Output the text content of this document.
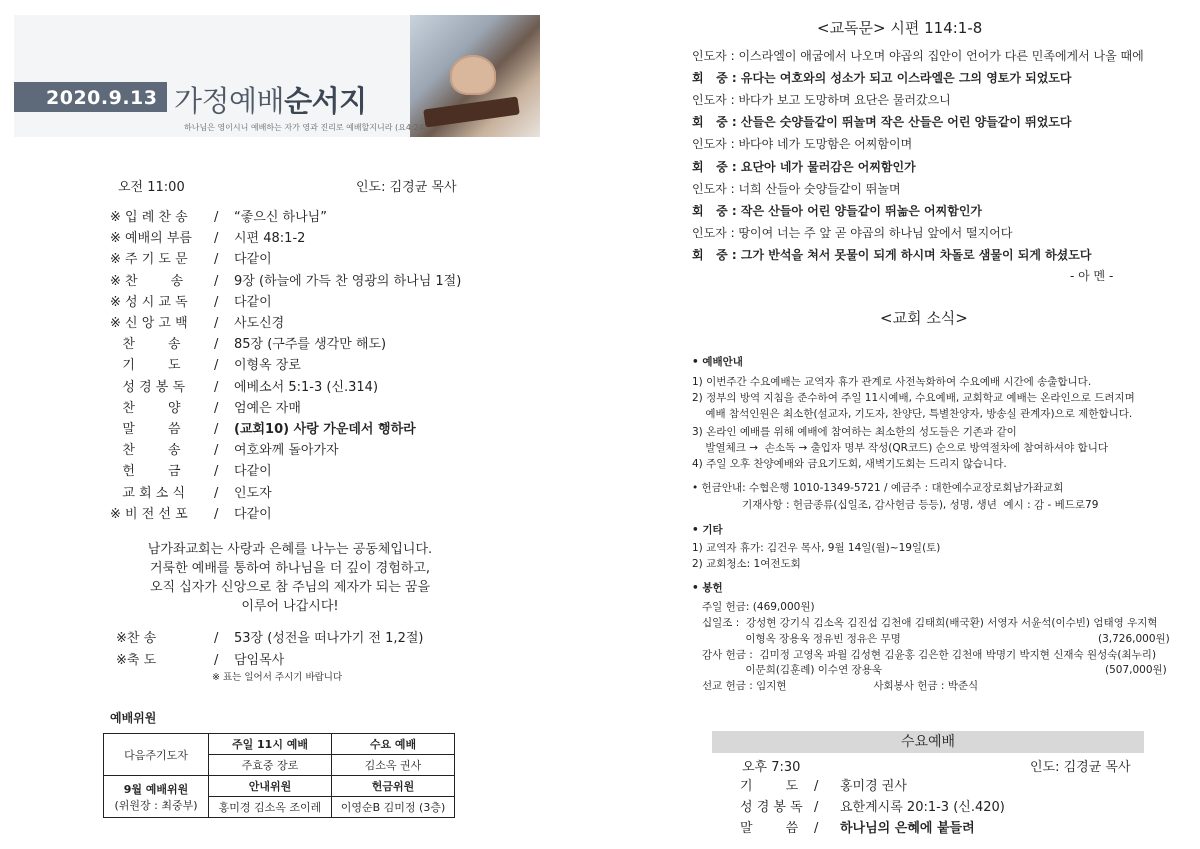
2020.9.13 가정예배순서지
하나님은 영이시니 예배하는 자가 영과 진리로 예배할지니라 (요4:24)
오전 11:00	인도: 김경균 목사
※ 입 례 찬 송 / “좋으신 하나님”
※ 예배의 부름 / 시편 48:1-2
※ 주 기 도 문 / 다같이
※ 찬        송 / 9장 (하늘에 가득 찬 영광의 하나님 1절)
※ 성 시 교 독 / 다같이
※ 신 앙 고 백 / 사도신경
찬        송	/ 85장 (구주를 생각만 해도)
기        도	/ 이형옥 장로
성 경 봉 독 / 에베소서 5:1-3 (신.314)
찬        양	/ 엄예은 자매
말        씀	/ (교회10) 사랑 가운데서 행하라
찬        송	/ 여호와께 돌아가자
헌        금	/ 다같이
교 회 소 식 / 인도자
※ 비 전 선 포 / 다같이
남가좌교회는 사랑과 은혜를 나누는 공동체입니다.
거룩한 예배를 통하여 하나님을 더 깊이 경험하고,
오직 십자가 신앙으로 참 주님의 제자가 되는 꿈을
이루어 나갑시다!
※찬 송	/ 53장 (성전을 떠나가기 전 1,2절)
※축 도	/ 담임목사
※ 표는 일어서 주시기 바랍니다
예배위원
다음주기도자	주일 11시 예배	수요 예배
	주효중 장로	김소옥 권사

9월 예배위원
(위원장 : 최중부)	안내위원	헌금위원
	홍미경 김소옥 조이레	이영순B 김미정 (3층)
<교독문> 시편 114:1-8
인도자 : 이스라엘이 애굽에서 나오며 야곱의 집안이 언어가 다른 민족에게서 나올 때에
회   중 : 유다는 여호와의 성소가 되고 이스라엘은 그의 영토가 되었도다
인도자 : 바다가 보고 도망하며 요단은 물러갔으니
회   중 : 산들은 숫양들같이 뛰놀며 작은 산들은 어린 양들같이 뛰었도다
인도자 : 바다야 네가 도망함은 어찌함이며
회   중 : 요단아 네가 물러감은 어찌함인가
인도자 : 너희 산들아 숫양들같이 뛰놀며
회   중 : 작은 산들아 어린 양들같이 뛰놂은 어찌함인가
인도자 : 땅이여 너는 주 앞 곧 야곱의 하나님 앞에서 떨지어다
회   중 : 그가 반석을 쳐서 못물이 되게 하시며 차돌로 샘물이 되게 하셨도다
- 아 멘 -
<교회 소식>
• 예배안내
1) 이번주간 수요예배는 교역자 휴가 관계로 사전녹화하여 수요예배 시간에 송출합니다.
2) 정부의 방역 지침을 준수하여 주일 11시예배, 수요예배, 교회학교 예배는 온라인으로 드려지며
예배 참석인원은 최소한(설교자, 기도자, 찬양단, 특별찬양자, 방송실 관계자)으로 제한합니다.
3) 온라인 예배를 위해 예배에 참여하는 최소한의 성도들은 기존과 같이
발열체크 →  손소독 → 출입자 명부 작성(QR코드) 순으로 방역절차에 참여하셔야 합니다
4) 주일 오후 찬양예배와 금요기도회, 새벽기도회는 드리지 않습니다.
• 헌금안내: 수협은행 1010-1349-5721 / 예금주 : 대한예수교장로회남가좌교회
기재사항 : 헌금종류(십일조, 감사헌금 등등), 성명, 생년  예시 : 감 - 베드로79
• 기타
1) 교역자 휴가: 김건우 목사, 9월 14일(월)~19일(토)
2) 교회청소: 1여전도회
• 봉헌
주일 헌금: (469,000원)
십일조 :  강성현 강기식 김소옥 김진섭 김천애 김태희(배국환) 서영자 서윤석(이수빈) 엄태영 우지혁
이형옥 장용욱 정유빈 정유은 무명
감사 헌금 :  김미정 고영옥 파월 김성현 김윤홍 김은한 김천애 박명기 박지현 신재숙 원성숙(최누리)
이문희(김훈례) 이수연 장용욱
선교 헌금 : 임지현                          사회봉사 헌금 : 박준식
(3,726,000원)
(507,000원)
수요예배
오후 7:30	인도: 김경균 목사
기        도 / 홍미경 권사
성 경 봉 독 / 요한계시록 20:1-3 (신.420)
말        씀 / 하나님의 은혜에 붙들려
